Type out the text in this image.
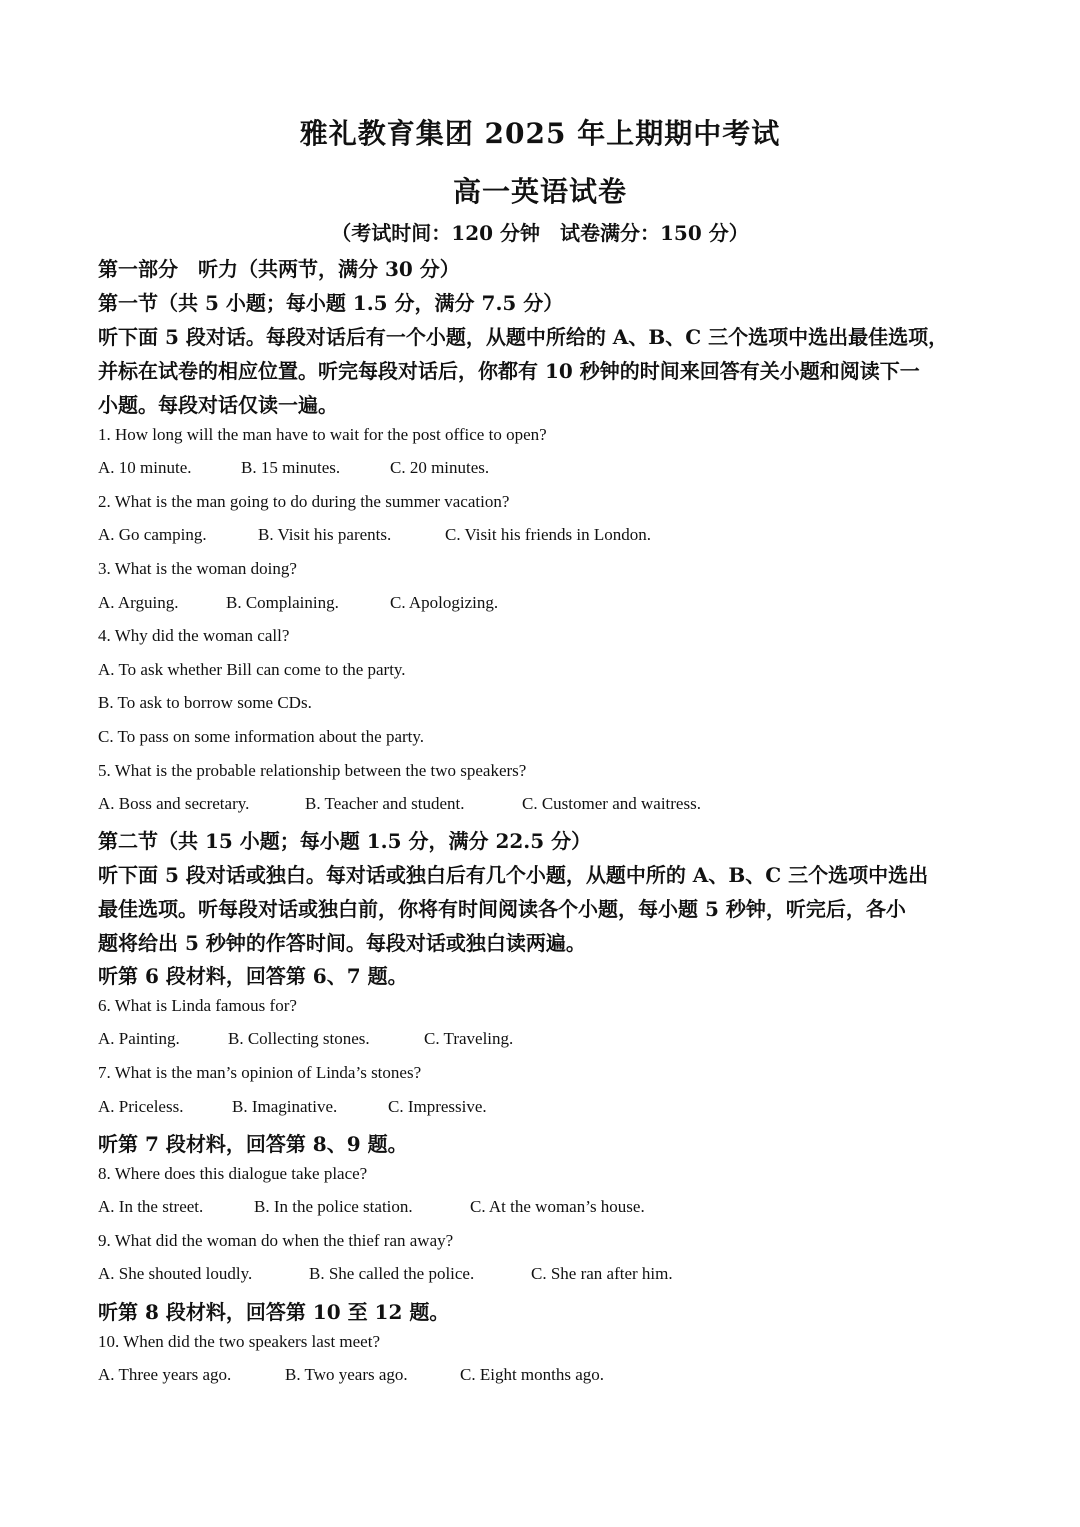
雅礼教育集团 2025 年上期期中考试
高一英语试卷
（考试时间：120 分钟　试卷满分：150 分）
第一部分　听力（共两节，满分 30 分）
第一节（共 5 小题；每小题 1.5 分，满分 7.5 分）
听下面 5 段对话。每段对话后有一个小题，从题中所给的 A、B、C 三个选项中选出最佳选项，
并标在试卷的相应位置。听完每段对话后，你都有 10 秒钟的时间来回答有关小题和阅读下一
小题。每段对话仅读一遍。
1. How long will the man have to wait for the post office to open?
A. 10 minute.	B. 15 minutes.	C. 20 minutes.
2. What is the man going to do during the summer vacation?
A. Go camping.	B. Visit his parents.	C. Visit his friends in London.
3. What is the woman doing?
A. Arguing.	B. Complaining.	C. Apologizing.
4. Why did the woman call?
A. To ask whether Bill can come to the party.
B. To ask to borrow some CDs.
C. To pass on some information about the party.
5. What is the probable relationship between the two speakers?
A. Boss and secretary.	B. Teacher and student.	C. Customer and waitress.
第二节（共 15 小题；每小题 1.5 分，满分 22.5 分）
听下面 5 段对话或独白。每对话或独白后有几个小题，从题中所的 A、B、C 三个选项中选出
最佳选项。听每段对话或独白前，你将有时间阅读各个小题，每小题 5 秒钟，听完后，各小
题将给出 5 秒钟的作答时间。每段对话或独白读两遍。
听第 6 段材料，回答第 6、7 题。
6. What is Linda famous for?
A. Painting.	B. Collecting stones.	C. Traveling.
7. What is the man’s opinion of Linda’s stones?
A. Priceless.	B. Imaginative.	C. Impressive.
听第 7 段材料，回答第 8、9 题。
8. Where does this dialogue take place?
A. In the street.	B. In the police station.	C. At the woman’s house.
9. What did the woman do when the thief ran away?
A. She shouted loudly.	B. She called the police.	C. She ran after him.
听第 8 段材料，回答第 10 至 12 题。
10. When did the two speakers last meet?
A. Three years ago.	B. Two years ago.	C. Eight months ago.
